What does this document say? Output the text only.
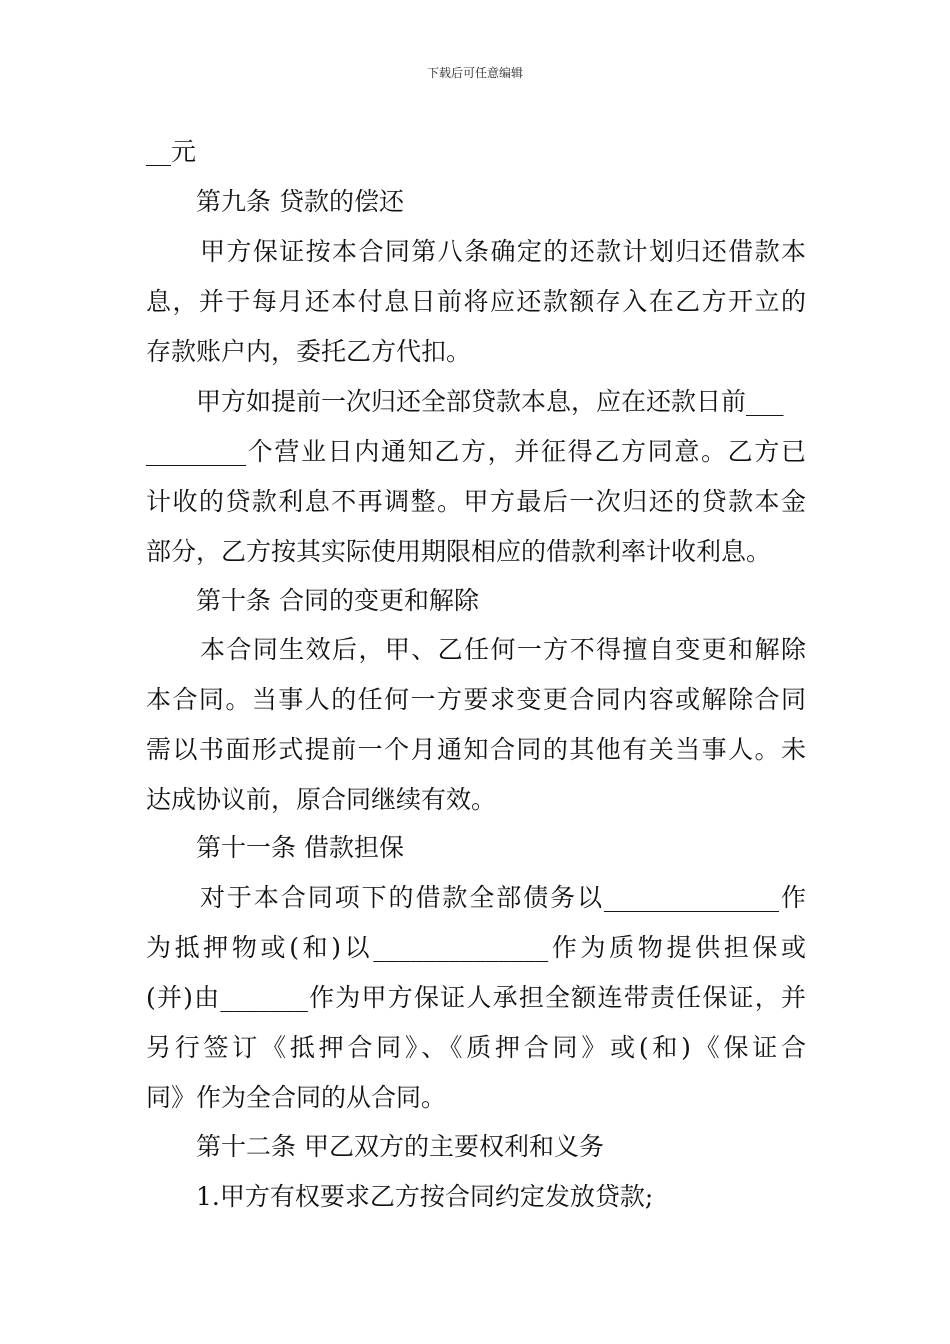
下载后可任意编辑
__元
第九条 贷款的偿还
甲方保证按本合同第八条确定的还款计划归还借款本
息，并于每月还本付息日前将应还款额存入在乙方开立的
存款账户内，委托乙方代扣。
甲方如提前一次归还全部贷款本息，应在还款日前___
________个营业日内通知乙方，并征得乙方同意。乙方已
计收的贷款利息不再调整。甲方最后一次归还的贷款本金
部分，乙方按其实际使用期限相应的借款利率计收利息。
第十条 合同的变更和解除
本合同生效后，甲、乙任何一方不得擅自变更和解除
本合同。当事人的任何一方要求变更合同内容或解除合同
需以书面形式提前一个月通知合同的其他有关当事人。未
达成协议前，原合同继续有效。
第十一条 借款担保
对于本合同项下的借款全部债务以______________作
为抵押物或(和)以______________作为质物提供担保或
(并)由_______作为甲方保证人承担全额连带责任保证，并
另行签订《抵押合同》、《质押合同》或(和)《保证合
同》作为全合同的从合同。
第十二条 甲乙双方的主要权利和义务
1.甲方有权要求乙方按合同约定发放贷款;
